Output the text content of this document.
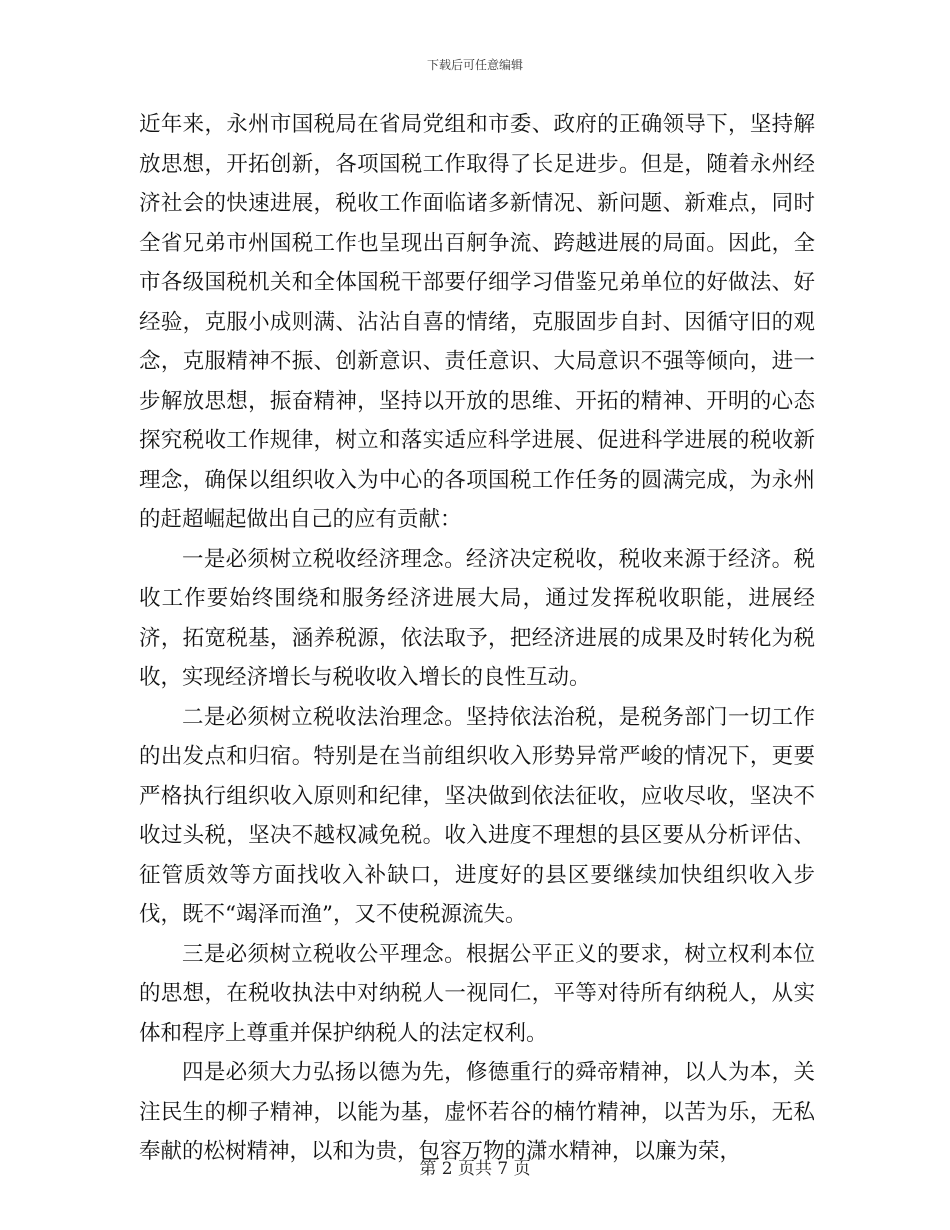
下载后可任意编辑

近年来，永州市国税局在省局党组和市委、政府的正确领导下，坚持解放思想，开拓创新，各项国税工作取得了长足进步。但是，随着永州经济社会的快速进展，税收工作面临诸多新情况、新问题、新难点，同时全省兄弟市州国税工作也呈现出百舸争流、跨越进展的局面。因此，全市各级国税机关和全体国税干部要仔细学习借鉴兄弟单位的好做法、好经验，克服小成则满、沾沾自喜的情绪，克服固步自封、因循守旧的观念，克服精神不振、创新意识、责任意识、大局意识不强等倾向，进一步解放思想，振奋精神，坚持以开放的思维、开拓的精神、开明的心态探究税收工作规律，树立和落实适应科学进展、促进科学进展的税收新理念，确保以组织收入为中心的各项国税工作任务的圆满完成，为永州的赶超崛起做出自己的应有贡献：

一是必须树立税收经济理念。经济决定税收，税收来源于经济。税收工作要始终围绕和服务经济进展大局，通过发挥税收职能，进展经济，拓宽税基，涵养税源，依法取予，把经济进展的成果及时转化为税收，实现经济增长与税收收入增长的良性互动。

二是必须树立税收法治理念。坚持依法治税，是税务部门一切工作的出发点和归宿。特别是在当前组织收入形势异常严峻的情况下，更要严格执行组织收入原则和纪律，坚决做到依法征收，应收尽收，坚决不收过头税，坚决不越权减免税。收入进度不理想的县区要从分析评估、征管质效等方面找收入补缺口，进度好的县区要继续加快组织收入步伐，既不“竭泽而渔”，又不使税源流失。

三是必须树立税收公平理念。根据公平正义的要求，树立权利本位的思想，在税收执法中对纳税人一视同仁，平等对待所有纳税人，从实体和程序上尊重并保护纳税人的法定权利。

四是必须大力弘扬以德为先，修德重行的舜帝精神，以人为本，关注民生的柳子精神，以能为基，虚怀若谷的楠竹精神，以苦为乐，无私奉献的松树精神，以和为贵，包容万物的潇水精神，以廉为荣，

第 2 页共 7 页
